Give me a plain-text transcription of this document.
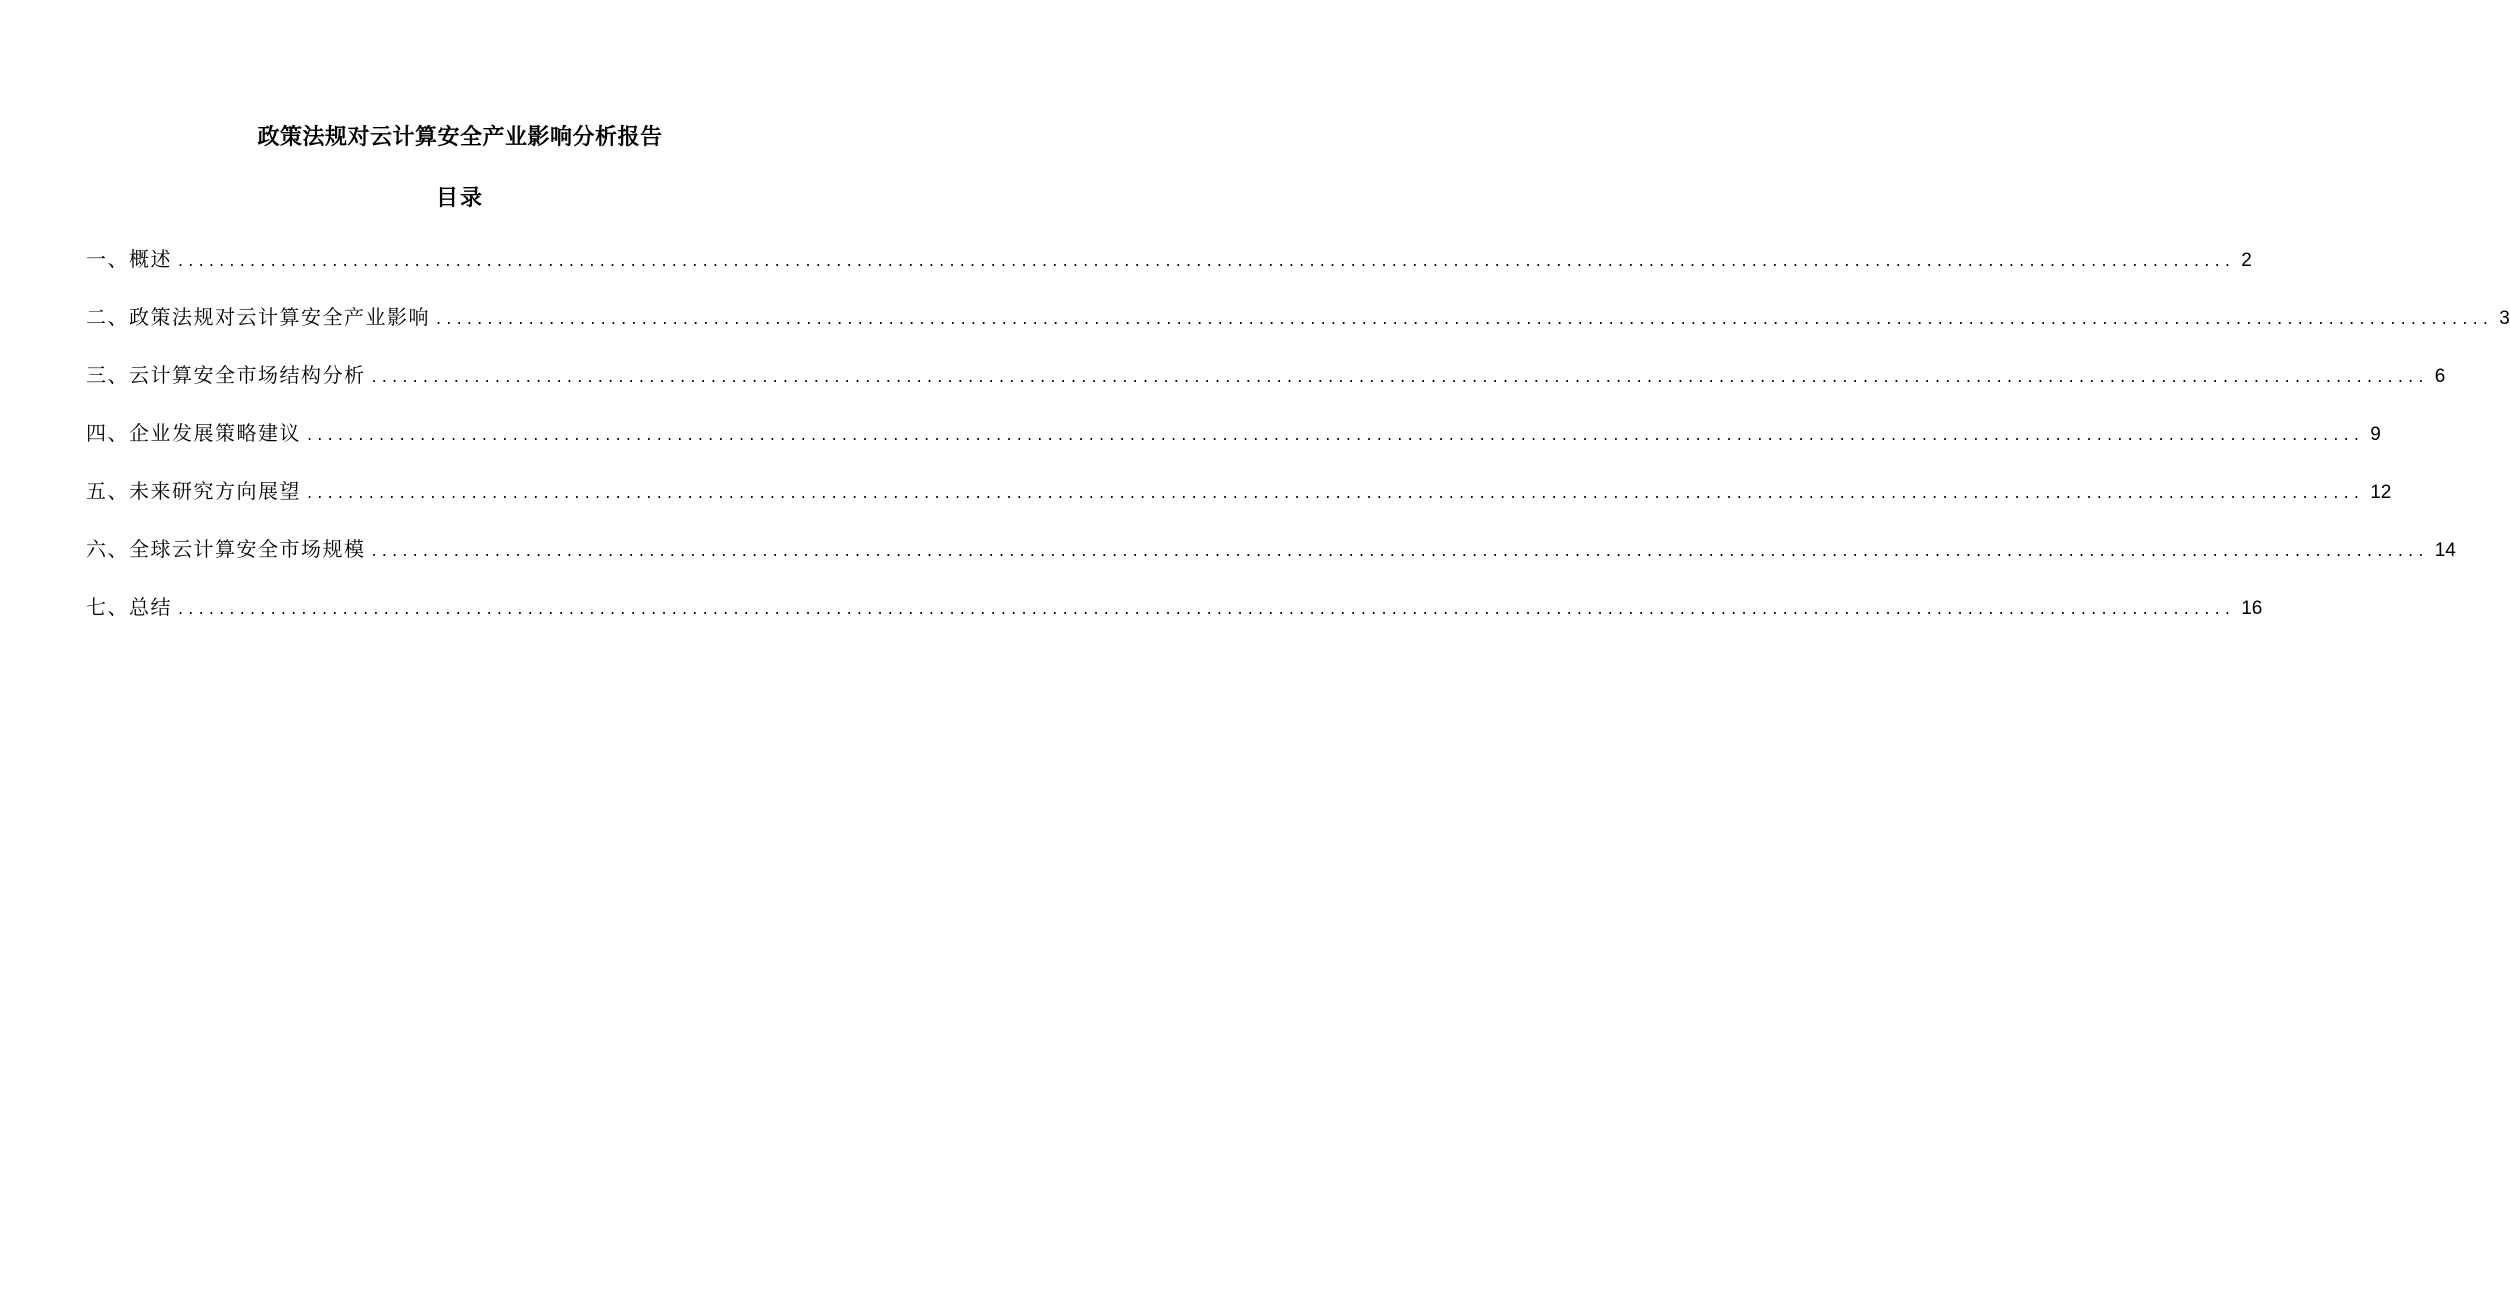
政策法规对云计算安全产业影响分析报告
目录
一、概述 ........................................................................................................................................................................................................ 2
二、政策法规对云计算安全产业影响 ........................................................................................................................................................................................................ 3
三、云计算安全市场结构分析 ........................................................................................................................................................................................................ 6
四、企业发展策略建议 ........................................................................................................................................................................................................ 9
五、未来研究方向展望 ........................................................................................................................................................................................................ 12
六、全球云计算安全市场规模 ........................................................................................................................................................................................................ 14
七、总结 ........................................................................................................................................................................................................ 16
